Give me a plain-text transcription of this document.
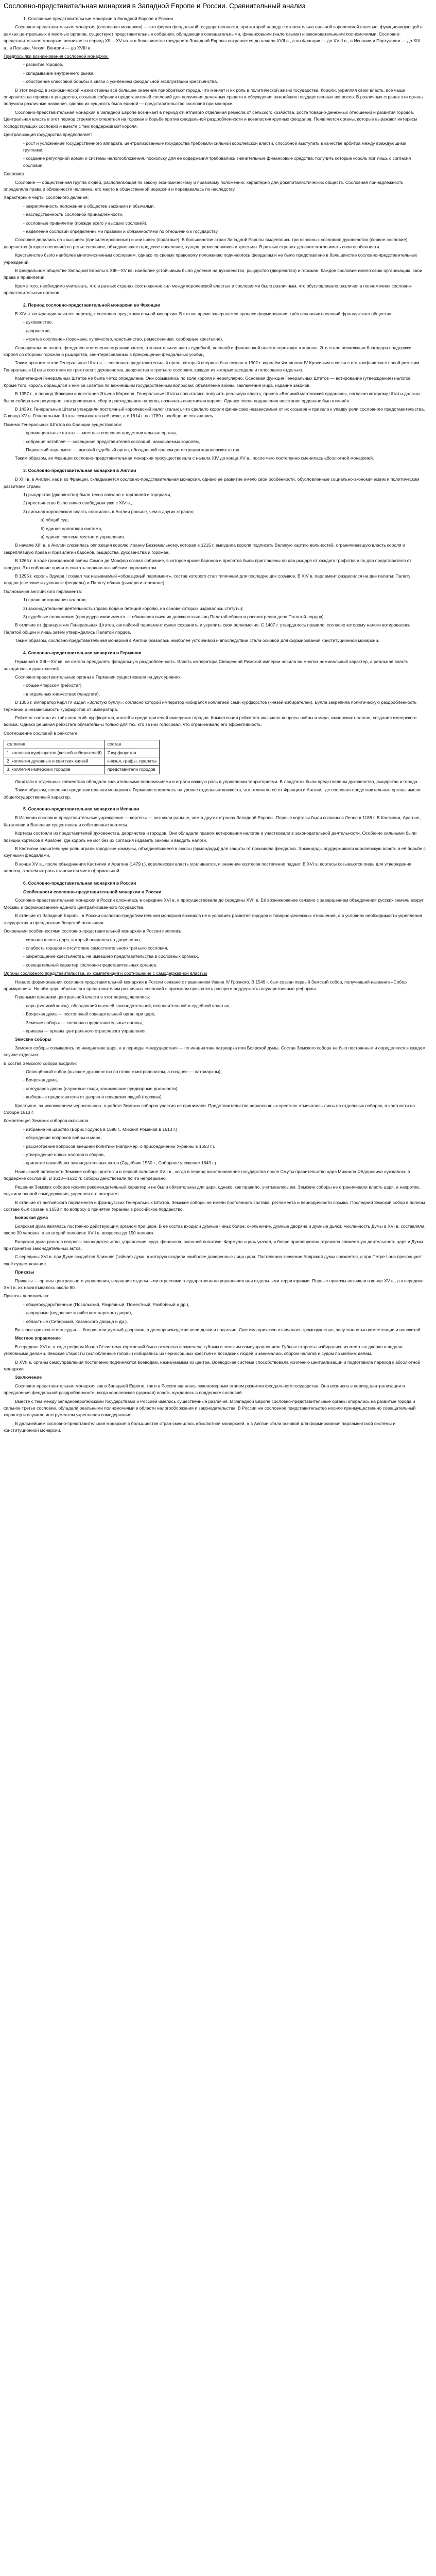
Сословно-представительная монархия в Западной Европе и России. Сравнительный анализ
1. Сословные представительные монархии в Западной Европе и России
Сословно-представительная монархия (сословная монархия) — это форма феодальной государственности, при которой наряду с относительно сильной королевской властью, функционирующей в рамках центральных и местных органов, существуют представительные собрания, обладающие совещательными, финансовыми (налоговыми) и законодательными полномочиями. Сословно-представительная монархия возникает в период XIII—XV вв. и в большинстве государств Западной Европы сохраняется до начала XVII в., а во Франции — до XVIII в., в Испании и Португалии — до XIX в., в Польше, Чехии, Венгрии — до XVIII в.
Предпосылки возникновения сословной монархии:
- развитие городов,
- складывание внутреннего рынка,
- обострение классовой борьбы в связи с усилением феодальной эксплуатации крестьянства.
В этот период в экономической жизни страны всё большее значение приобретают города, что меняет и их роль в политической жизни государства. Короли, укрепляя свою власть, всё чаще опираются на горожан и рыцарство, созывая собрания представителей сословий для получения денежных средств и обсуждения важнейших государственных вопросов. В различных странах эти органы получили различные названия, однако их сущность была единой — представительство сословий при монархе.
Сословно-представительная монархия в Западной Европе возникает в период отчётливого отделения ремесла от сельского хозяйства, роста товарно-денежных отношений и развития городов. Центральная власть в этот период стремится опереться на горожан в борьбе против феодальной раздробленности и всевластия крупных феодалов. Появляются органы, которые выражают интересы господствующих сословий и вместе с тем поддерживают короля.
Централизация государства предполагает:
- рост и усложнение государственного аппарата, централизованные государства требовали сильной королевской власти, способной выступать в качестве арбитра между враждующими группами,
- создание регулярной армии и системы налогообложения, поскольку для её содержания требовались значительные финансовые средства, получить которые король мог лишь с согласия сословий.
Сословия
Сословие — общественная группа людей, располагающая по закону экономическому и правовому положению, характерно для докапиталистических обществ. Сословная принадлежность определяла права и обязанности человека, его место в общественной иерархии и передавалась по наследству.
Характерные черты сословного деления:
- закреплённость положения в обществе законами и обычаями,
- наследственность сословной принадлежности,
- сословные привилегии (прежде всего у высших сословий),
- наделение сословий определёнными правами и обязанностями по отношению к государству.
Сословия делились на «высшие» (привилегированные) и «низшие» (податные). В большинстве стран Западной Европы выделялись три основных сословия: духовенство (первое сословие), дворянство (второе сословие) и третье сословие, объединявшее городское население, купцов, ремесленников и крестьян. В разных странах деление могло иметь свои особенности.
Крестьянство было наиболее многочисленным сословием, однако по своему правовому положению подчинялось феодалам и не было представлено в большинстве сословно-представительных учреждений.
В феодальном обществе Западной Европы в XIII—XV вв. наиболее устойчивым было деление на духовенство, рыцарство (дворянство) и горожан. Каждое сословие имело свою организацию, свои права и привилегии.
Кроме того, необходимо учитывать, что в разных странах соотношение сил между королевской властью и сословиями было различным, что обусловливало различия в полномочиях сословно-представительных органов.
2. Период сословно-представительной монархии во Франции
В XIV в. во Франции начался переход к сословно-представительной монархии. В это же время завершается процесс формирования трёх основных сословий французского общества:
- духовенство,
- дворянство,
- «третье сословие» (горожане, купечество, крестьянство, ремесленники, свободные крестьяне).
Сеньориальная власть феодалов постепенно ограничивается, а значительная часть судебной, военной и финансовой власти переходит к королю. Это стало возможным благодаря поддержке короля со стороны горожан и рыцарства, заинтересованных в прекращении феодальных усобиц.
Таким органом стали Генеральные Штаты — сословно-представительный орган, который впервые был созван в 1302 г. королём Филиппом IV Красивым в связи с его конфликтом с папой римским. Генеральные Штаты состояли из трёх палат: духовенства, дворянства и третьего сословия, каждая из которых заседала и голосовала отдельно.
Компетенция Генеральных Штатов не была чётко определена. Они созывались по воле короля и нерегулярно. Основная функция Генеральных Штатов — вотирование (утверждение) налогов. Кроме того, король обращался к ним за советом по важнейшим государственным вопросам: объявление войны, заключение мира, издание законов.
В 1357 г., в период Жакерии и восстания Этьена Марселя, Генеральные Штаты попытались получить реальную власть, приняв «Великий мартовский ордонанс», согласно которому Штаты должны были собираться регулярно, контролировать сбор и расходование налогов, назначать советников короля. Однако после подавления восстания ордонанс был отменён.
В 1439 г. Генеральные Штаты утвердили постоянный королевский налог (талью), что сделало короля финансово независимым от их созывов и привело к упадку роли сословного представительства. С конца XV в. Генеральные Штаты созываются всё реже, а с 1614 г. по 1789 г. вообще не созывались.
Помимо Генеральных Штатов во Франции существовали:
- провинциальные штаты — местные сословно-представительные органы,
- собрания нотаблей — совещания представителей сословий, назначаемых королём,
- Парижский парламент — высший судебный орган, обладавший правом регистрации королевских актов.
Таким образом, во Франции сословно-представительная монархия просуществовала с начала XIV до конца XV в., после чего постепенно сменилась абсолютной монархией.
3. Сословно-представительная монархия в Англии
В XIII в. в Англии, как и во Франции, складывается сословно-представительная монархия, однако её развитие имело свои особенности, обусловленные социально-экономическим и политическим развитием страны:
1) рыцарство (дворянство) было тесно связано с торговлей и городами,
2) крестьянство было лично свободным уже с XIV в.,
3) сильная королевская власть сложилась в Англии раньше, чем в других странах;
а) общий суд,
б) единая налоговая система,
в) единая система местного управления.
В начале XIII в. в Англии сложилась оппозиция королю Иоанну Безземельному, которая в 1215 г. вынудила короля подписать Великую хартию вольностей, ограничивавшую власть короля и закреплявшую права и привилегии баронов, рыцарства, духовенства и горожан.
В 1265 г. в ходе гражданской войны Симон де Монфор созвал собрание, в которое кроме баронов и прелатов были приглашены по два рыцаря от каждого графства и по два представителя от городов. Это собрание принято считать первым английским парламентом.
В 1295 г. король Эдуард I созвал так называемый «образцовый парламент», состав которого стал типичным для последующих созывов. В XIV в. парламент разделился на две палаты: Палату лордов (светские и духовные феодалы) и Палату общин (рыцари и горожане).
Полномочия английского парламента:
1) право вотирования налогов;
2) законодательная деятельность (право подачи петиций королю, на основе которых издавались статуты);
3) судебные полномочия (процедура импичмента — обвинения высших должностных лиц Палатой общин и рассмотрения дела Палатой лордов).
В отличие от французских Генеральных Штатов, английский парламент сумел сохранить и укрепить свои полномочия. С 1407 г. утвердилось правило, согласно которому налоги вотировались Палатой общин и лишь затем утверждались Палатой лордов.
Таким образом, сословно-представительная монархия в Англии оказалась наиболее устойчивой и впоследствии стала основой для формирования конституционной монархии.
4. Сословно-представительная монархия в Германии
Германия в XIII—XV вв. не смогла преодолеть феодальную раздробленность. Власть императора Священной Римской империи носила во многом номинальный характер, а реальная власть находилась в руках князей.
Сословно-представительные органы в Германии существовали на двух уровнях:
- общеимперском (рейхстаг),
- в отдельных княжествах (ландтаги).
В 1356 г. император Карл IV издал «Золотую буллу», согласно которой император избирался коллегией семи курфюрстов (князей-избирателей). Булла закрепила политическую раздробленность Германии и независимость курфюрстов от императора.
Рейхстаг состоял из трёх коллегий: курфюрстов, князей и представителей имперских городов. Компетенция рейхстага включала вопросы войны и мира, имперских налогов, создания имперского войска. Однако решения рейхстага обязательны только для тех, кто за них голосовал, что ограничивало его эффективность.
Соотношение сословий в рейхстаге:
коллегия	состав
1. коллегия курфюрстов (князей-избирателей)	7 курфюрстов
2. коллегия духовных и светских князей	князья, графы, прелаты
3. коллегия имперских городов	представители городов
Ландтаги в отдельных княжествах обладали значительными полномочиями и играли важную роль в управлении территориями. В ландтагах были представлены духовенство, рыцарство и города.
Таким образом, сословно-представительная монархия в Германии сложилась на уровне отдельных княжеств, что отличало её от Франции и Англии, где сословно-представительные органы имели общегосударственный характер.
5. Сословно-представительная монархия в Испании
В Испании сословно-представительные учреждения — кортесы — возникли раньше, чем в других странах Западной Европы. Первые кортесы были созваны в Леоне в 1188 г. В Кастилии, Арагоне, Каталонии и Валенсии существовали собственные кортесы.
Кортесы состояли из представителей духовенства, дворянства и городов. Они обладали правом вотирования налогов и участвовали в законодательной деятельности. Особенно сильными были позиции кортесов в Арагоне, где король не мог без их согласия издавать законы и вводить налоги.
В Кастилии значительную роль играли городские коммуны, объединявшиеся в союзы (эрмандады) для защиты от произвола феодалов. Эрмандады поддерживали королевскую власть в её борьбе с крупными феодалами.
В конце XV в., после объединения Кастилии и Арагона (1479 г.), королевская власть усиливается, и значение кортесов постепенно падает. В XVI в. кортесы созываются лишь для утверждения налогов, а затем их роль становится чисто формальной.
6. Сословно-представительная монархия в России
Особенности сословно-представительной монархии в России
Сословно-представительная монархия в России сложилась в середине XVI в. и просуществовала до середины XVII в. Её возникновение связано с завершением объединения русских земель вокруг Москвы и формированием единого централизованного государства.
В отличие от Западной Европы, в России сословно-представительная монархия возникла не в условиях развития городов и товарно-денежных отношений, а в условиях необходимости укрепления государства и преодоления боярской оппозиции.
Основными особенностями сословно-представительной монархии в России являлись:
- сильная власть царя, который опирался на дворянство,
- слабость городов и отсутствие самостоятельного третьего сословия,
- закрепощение крестьянства, не имевшего представительства в сословных органах,
- совещательный характер сословно-представительных органов.
Органы сословного представительства, их компетенция и соотношение с самодержавной властью
Начало формирования сословно-представительной монархии в России связано с правлением Ивана IV Грозного. В 1549 г. был созван первый Земский собор, получивший название «Собор примирения». На нём царь обратился к представителям различных сословий с призывом прекратить распри и поддержать государственные реформы.
Главными органами центральной власти в этот период являлись:
- царь (великий князь), обладавший высшей законодательной, исполнительной и судебной властью,
- Боярская дума — постоянный совещательный орган при царе,
- Земские соборы — сословно-представительные органы,
- приказы — органы центрального отраслевого управления.
Земские соборы
Земские соборы созывались по инициативе царя, а в периоды междуцарствия — по инициативе патриарха или Боярской думы. Состав Земского собора не был постоянным и определялся в каждом случае отдельно.
В состав Земского собора входили:
- Освящённый собор (высшее духовенство во главе с митрополитом, а позднее — патриархом),
- Боярская дума,
- «государев двор» (служилые люди, занимавшие придворные должности),
- выборные представители от дворян и посадских людей (горожан).
Крестьяне, за исключением черносошных, в работе Земских соборов участия не принимали. Представительство черносошных крестьян отмечалось лишь на отдельных соборах, в частности на Соборе 1613 г.
Компетенция Земских соборов включала:
- избрание на царство (Борис Годунов в 1598 г., Михаил Романов в 1613 г.),
- обсуждение вопросов войны и мира,
- рассмотрение вопросов внешней политики (например, о присоединении Украины в 1653 г.),
- утверждение новых налогов и сборов,
- принятие важнейших законодательных актов (Судебник 1550 г., Соборное уложение 1649 г.).
Наивысшей активности Земские соборы достигли в первой половине XVII в., когда в период восстановления государства после Смуты правительство царя Михаила Фёдоровича нуждалось в поддержке сословий. В 1613—1622 гг. соборы действовали почти непрерывно.
Решения Земских соборов носили рекомендательный характер и не были обязательны для царя, однако, как правило, учитывались им. Земские соборы не ограничивали власть царя, а напротив, служили опорой самодержавия, укрепляя его авторитет.
В отличие от английского парламента и французских Генеральных Штатов, Земские соборы не имели постоянного состава, регламента и периодичности созыва. Последний Земский собор в полном составе был созван в 1653 г. по вопросу о принятии Украины в российское подданство.
Боярская дума
Боярская дума являлась постоянно действующим органом при царе. В её состав входили думные чины: бояре, окольничие, думные дворяне и думные дьяки. Численность Думы в XVI в. составляла около 30 человек, а во второй половине XVII в. возросла до 150 человек.
Боярская дума решала вопросы законодательства, управления, суда, финансов, внешней политики. Формула «царь указал, и бояре приговорили» отражала совместную деятельность царя и Думы при принятии законодательных актов.
С середины XVI в. при Думе создаётся Ближняя (тайная) дума, в которую входили наиболее доверенные лица царя. Постепенно значение Боярской думы снижается, а при Петре I она прекращает своё существование.
Приказы
Приказы — органы центрального управления, ведавшие отдельными отраслями государственного управления или отдельными территориями. Первые приказы возникли в конце XV в., а к середине XVII в. их насчитывалось около 80.
Приказы делились на:
- общегосударственные (Посольский, Разрядный, Поместный, Разбойный и др.),
- дворцовые (ведавшие хозяйством царского двора),
- областные (Сибирский, Казанского дворца и др.).
Во главе приказа стоял судья — боярин или думный дворянин, а делопроизводство вели дьяки и подьячие. Система приказов отличалась громоздкостью, запутанностью компетенции и волокитой.
Местное управление
В середине XVI в. в ходе реформ Ивана IV система кормлений была отменена и заменена губным и земским самоуправлением. Губные старосты избирались из местных дворян и ведали уголовными делами. Земские старосты (излюбленные головы) избирались из черносошных крестьян и посадских людей и занимались сбором налогов и судом по мелким делам.
В XVII в. органы самоуправления постепенно подчиняются воеводам, назначаемым из центра. Воеводская система способствовала усилению централизации и подготовила переход к абсолютной монархии.
Заключение
Сословно-представительная монархия как в Западной Европе, так и в России являлась закономерным этапом развития феодального государства. Она возникла в период централизации и преодоления феодальной раздробленности, когда королевская (царская) власть нуждалась в поддержке сословий.
Вместе с тем между западноевропейскими государствами и Россией имелись существенные различия. В Западной Европе сословно-представительные органы опирались на развитые города и сильное третье сословие, обладали реальными полномочиями в области налогообложения и законодательства. В России же сословное представительство носило преимущественно совещательный характер и служило инструментом укрепления самодержавия.
В дальнейшем сословно-представительная монархия в большинстве стран сменилась абсолютной монархией, а в Англии стала основой для формирования парламентской системы и конституционной монархии.
